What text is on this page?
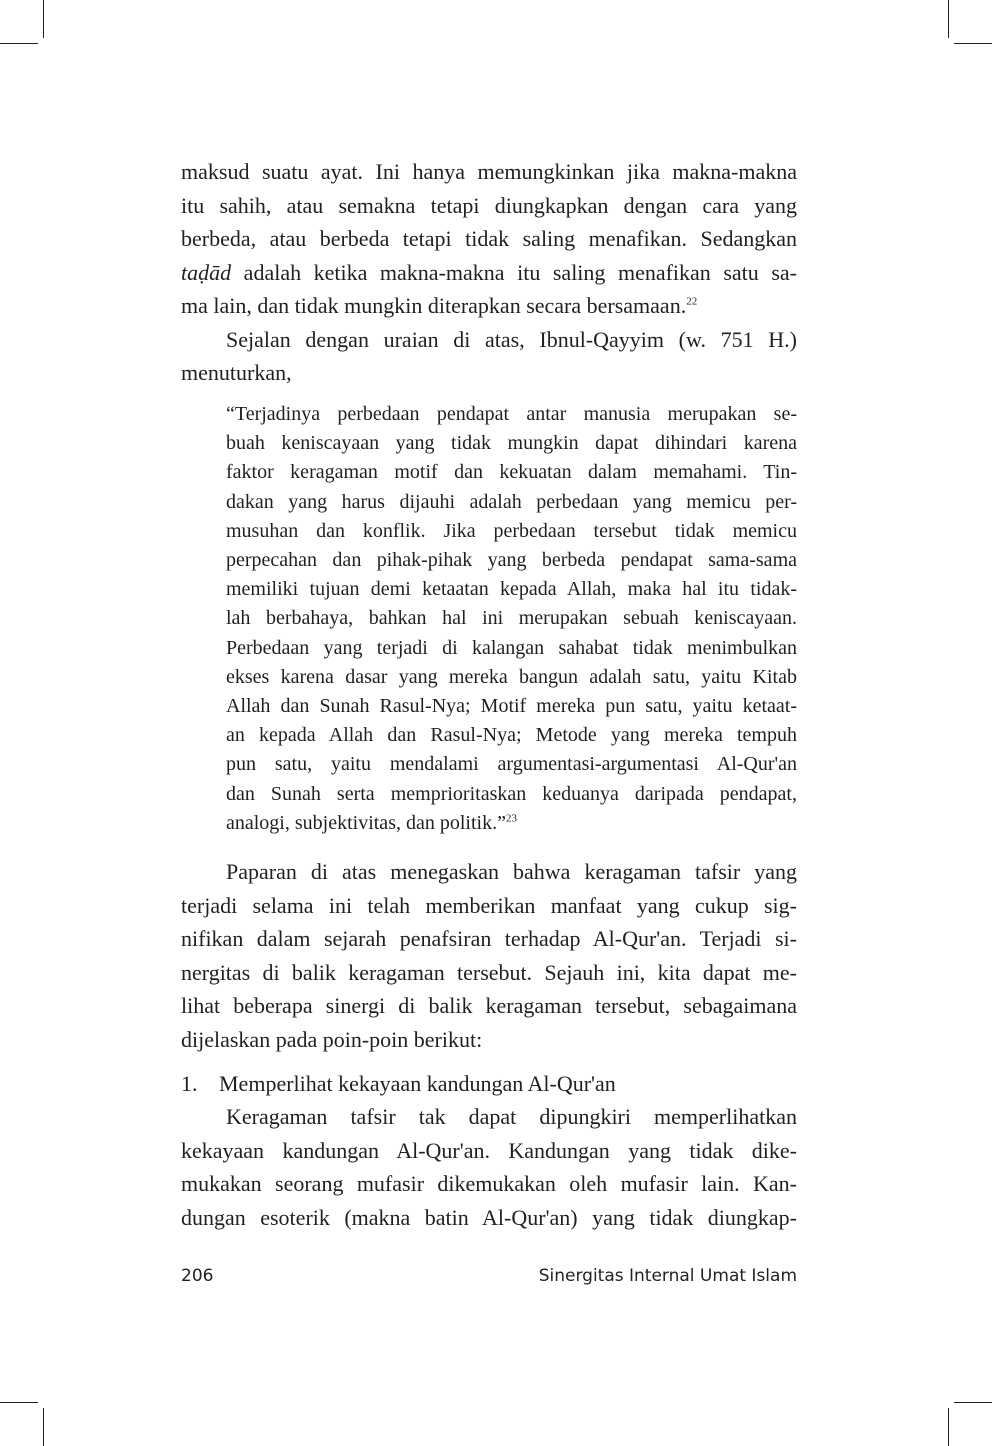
maksud suatu ayat. Ini hanya memungkinkan jika makna-makna
itu sahih, atau semakna tetapi diungkapkan dengan cara yang
berbeda, atau berbeda tetapi tidak saling menafikan. Sedangkan
taḍād adalah ketika makna-makna itu saling menafikan satu sa-
ma lain, dan tidak mungkin diterapkan secara bersamaan.$^{22}$
Sejalan dengan uraian di atas, Ibnul-Qayyim (w. 751 H.)
menuturkan,
“Terjadinya perbedaan pendapat antar manusia merupakan se-
buah keniscayaan yang tidak mungkin dapat dihindari karena
faktor keragaman motif dan kekuatan dalam memahami. Tin-
dakan yang harus dijauhi adalah perbedaan yang memicu per-
musuhan dan konflik. Jika perbedaan tersebut tidak memicu
perpecahan dan pihak-pihak yang berbeda pendapat sama-sama
memiliki tujuan demi ketaatan kepada Allah, maka hal itu tidak-
lah berbahaya, bahkan hal ini merupakan sebuah keniscayaan.
Perbedaan yang terjadi di kalangan sahabat tidak menimbulkan
ekses karena dasar yang mereka bangun adalah satu, yaitu Kitab
Allah dan Sunah Rasul-Nya; Motif mereka pun satu, yaitu ketaat-
an kepada Allah dan Rasul-Nya; Metode yang mereka tempuh
pun satu, yaitu mendalami argumentasi-argumentasi Al-Qur'an
dan Sunah serta memprioritaskan keduanya daripada pendapat,
analogi, subjektivitas, dan politik.”$^{23}$
Paparan di atas menegaskan bahwa keragaman tafsir yang
terjadi selama ini telah memberikan manfaat yang cukup sig-
nifikan dalam sejarah penafsiran terhadap Al-Qur'an. Terjadi si-
nergitas di balik keragaman tersebut. Sejauh ini, kita dapat me-
lihat beberapa sinergi di balik keragaman tersebut, sebagaimana
dijelaskan pada poin-poin berikut:
1. Memperlihat kekayaan kandungan Al-Qur'an
Keragaman tafsir tak dapat dipungkiri memperlihatkan
kekayaan kandungan Al-Qur'an. Kandungan yang tidak dike-
mukakan seorang mufasir dikemukakan oleh mufasir lain. Kan-
dungan esoterik (makna batin Al-Qur'an) yang tidak diungkap-
206	Sinergitas Internal Umat Islam
